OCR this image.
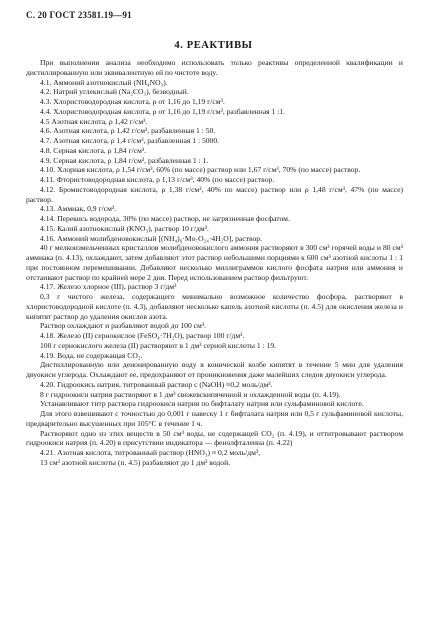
С. 20 ГОСТ 23581.19—91
4. РЕАКТИВЫ

При выполнении анализа необходимо использовать только реактивы определенной квалификации и дистиллированную или эквивалентную ей по чистоте воду.

4.1. Аммоний азотнокислый (NH₄NO₃).

4.2. Натрий углекислый (Na₂CO₃), безводный.

4.3. Хлористоводородная кислота, ρ от 1,16 до 1,19 г/см³.

4.4. Хлористоводородная кислота, ρ от 1,16 до 1,19 г/см³, разбавленная 1 :1.

4.5 Азотная кислота, ρ 1,42 г/см³.

4.6. Азотная кислота, ρ 1,42 г/см³, разбавленная 1 : 50.

4.7. Азотная кислота, ρ 1,4 г/см³, разбавленная 1 : 5000.

4.8. Серная кислота, ρ 1,84 г/см³.

4.9. Серная кислота, ρ 1,84 г/см³, разбавленная 1 : 1.

4.10. Хлорная кислота, ρ 1,54 г/см³, 60% (по массе) раствор или 1,67 г/см³, 70% (по массе) раствор.

4.11. Фтористоводородная кислота, ρ 1,13 г/см³, 40% (по массе) раствор.

4.12. Бромистоводородная кислота, ρ 1,38 г/см³, 40% по массе) раствор или ρ 1,48 г/см³, 47% (по массе) раствор.

4.13. Аммиак, 0,9 г/см³.

4.14. Перекись водорода, 30% (по массе) раствор, не загрязненная фосфатом.

4.15. Калий азотнокислый (KNO₃), раствор 10 г/дм³.

4.16. Аммоний молибденовокислый [(NH₄)₆·Mo₇O₂₄·4H₂O], раствор.

40 г мелкоизмельченных кристаллов молибденовокислого аммония растворяют в 300 см³ горячей воды и 80 см³ аммиака (п. 4.13), охлаждают, затем добавляют этот раствор небольшими порциями к 600 см³ азотной кислоты 1 : 1 при постоянном перемешивании. Добавляют несколько миллиграммов кислого фосфата натрия или аммония и отстаивают раствор по крайней мере 2 дня. Перед использованием раствор фильтруют.

4.17. Железо хлорное (III), раствор 3 г/дм³

0,3 г чистого железа, содержащего минимально возможное количество фосфора, растворяют в хлористоводородной кислоте (п. 4.3), добавляют несколько капель азотной кислоты (п. 4.5) для окисления железа и кипятят раствор до удаления окислов азота.

Раствор охлаждают и разбавляют водой до 100 см³.

4.18. Железо (II) сернокислое (FeSO₄·7H₂O), раствор 100 г/дм³.

100 г сернокислого железа (II) растворяют в 1 дм³ серной кислоты 1 : 19.

4.19. Вода, не содержащая CO₂.

Дистиллированную или деионированную воду в конической колбе кипятят в течение 5 мин для удаления двуокиси углерода. Охлаждают ее, предохраняют от проникновения даже малейших следов двуокиси углерода.

4.20. Гидроокись натрия, титрованный раствор c (NaOH) ≈0,2 моль/дм³.

8 г гидроокиси натрия растворяют в 1 дм³ свежевскипяченной и охлажденной воды (п. 4.19).

Устанавливают титр раствора гидроокиси натрия по бифталату натрия или сульфаминовой кислоте.

Для этого взвешивают с точностью до 0,001 г навеску 1 г бифталата натрия или 0,5 г сульфаминовой кислоты, предварительно высушенных при 105°C в течение 1 ч.

Растворяют одно из этих веществ в 50 см³ воды, не содержащей CO₂ (п. 4.19), и оттитровывают раствором гидроокиси натрия (п. 4.20) в присутствии индикатора — фенолфталеина (п. 4.22)

4.21. Азотная кислота, титрованный раствор (HNO₃) ≈ 0,2 моль/дм³,

13 см³ азотной кислоты (п. 4.5) разбавляют до 1 дм³ водой.
